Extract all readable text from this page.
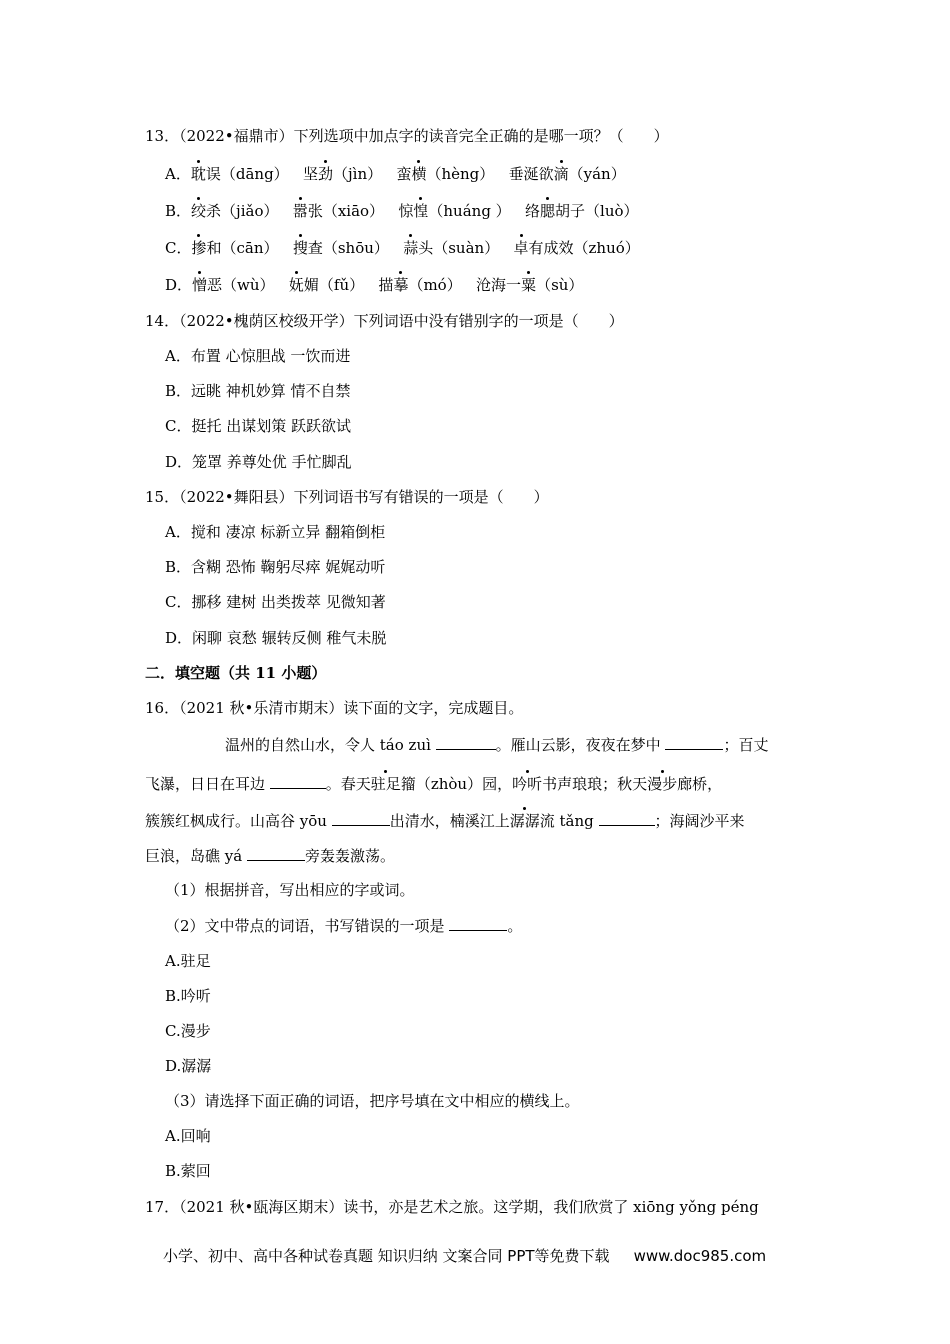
13．（2022•福鼎市）下列选项中加点字的读音完全正确的是哪一项？（　　）
A．耽误（dāng） 坚劲（jìn） 蛮横（hèng） 垂涎欲滴（yán）
B．绞杀（jiǎo） 嚣张（xiāo） 惊惶（huáng ） 络腮胡子（luò）
C．掺和（cān） 搜查（shōu） 蒜头（suàn） 卓有成效（zhuó）
D．憎恶（wù） 妩媚（fǔ） 描摹（mó） 沧海一粟（sù）
14．（2022•槐荫区校级开学）下列词语中没有错别字的一项是（　　）
A．布置 心惊胆战 一饮而进
B．远眺 神机妙算 情不自禁
C．挺托 出谋划策 跃跃欲试
D．笼罩 养尊处优 手忙脚乱
15．（2022•舞阳县）下列词语书写有错误的一项是（　　）
A．搅和 凄凉 标新立异 翻箱倒柜
B．含糊 恐怖 鞠躬尽瘁 娓娓动听
C．挪移 建树 出类拨萃 见微知著
D．闲聊 哀愁 辗转反侧 稚气未脱
二．填空题（共 11 小题）
16．（2021 秋•乐清市期末）读下面的文字，完成题目。
温州的自然山水，令人 táo zuì	。雁山云影，夜夜在梦中	；百丈
飞瀑，日日在耳边	。春天驻足籀（zhòu）园，吟听书声琅琅；秋天漫步廊桥，
簇簇红枫成行。山高谷 yōu	出清水，楠溪江上潺潺流 tǎng	；海阔沙平来
巨浪，岛礁 yá	旁轰轰激荡。
（1）根据拼音，写出相应的字或词。
（2）文中带点的词语，书写错误的一项是	。
A.驻足
B.吟听
C.漫步
D.潺潺
（3）请选择下面正确的词语，把序号填在文中相应的横线上。
A.回响
B.萦回
17．（2021 秋•瓯海区期末）读书，亦是艺术之旅。这学期，我们欣赏了 xiōng yǒng péng
小学、初中、高中各种试卷真题 知识归纳 文案合同 PPT等免费下载 www.doc985.com
